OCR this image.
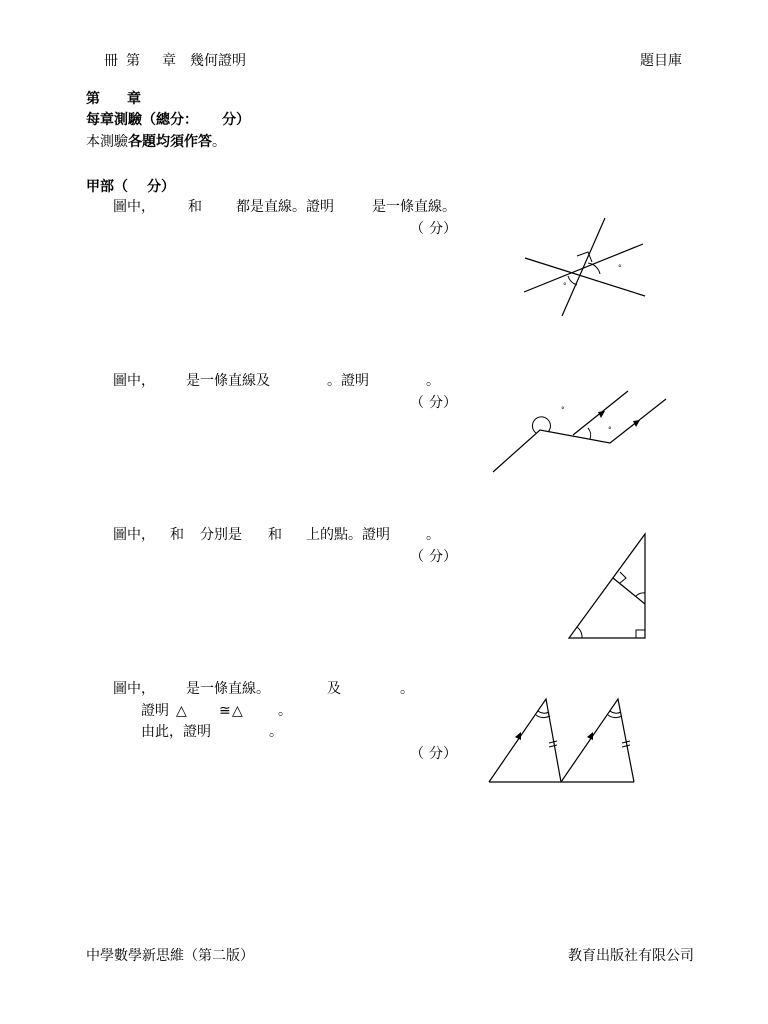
冊 第 章 幾何證明	題目庫
第 章
每章測驗（總分： 分）
本測驗各題均須作答。
甲部（ 分）
圖中， 和 都是直線。證明	是一條直線。
（ 分）
°
°
圖中， 是一條直線及	。證明	。
（ 分）	°
°
圖中， 和 分別是 和 上的點。證明	。
（ 分）
圖中， 是一條直線。	及	。
證明 △ ≅ △	。
由此，證明	。
（ 分）
中學數學新思維（第二版）	教育出版社有限公司
